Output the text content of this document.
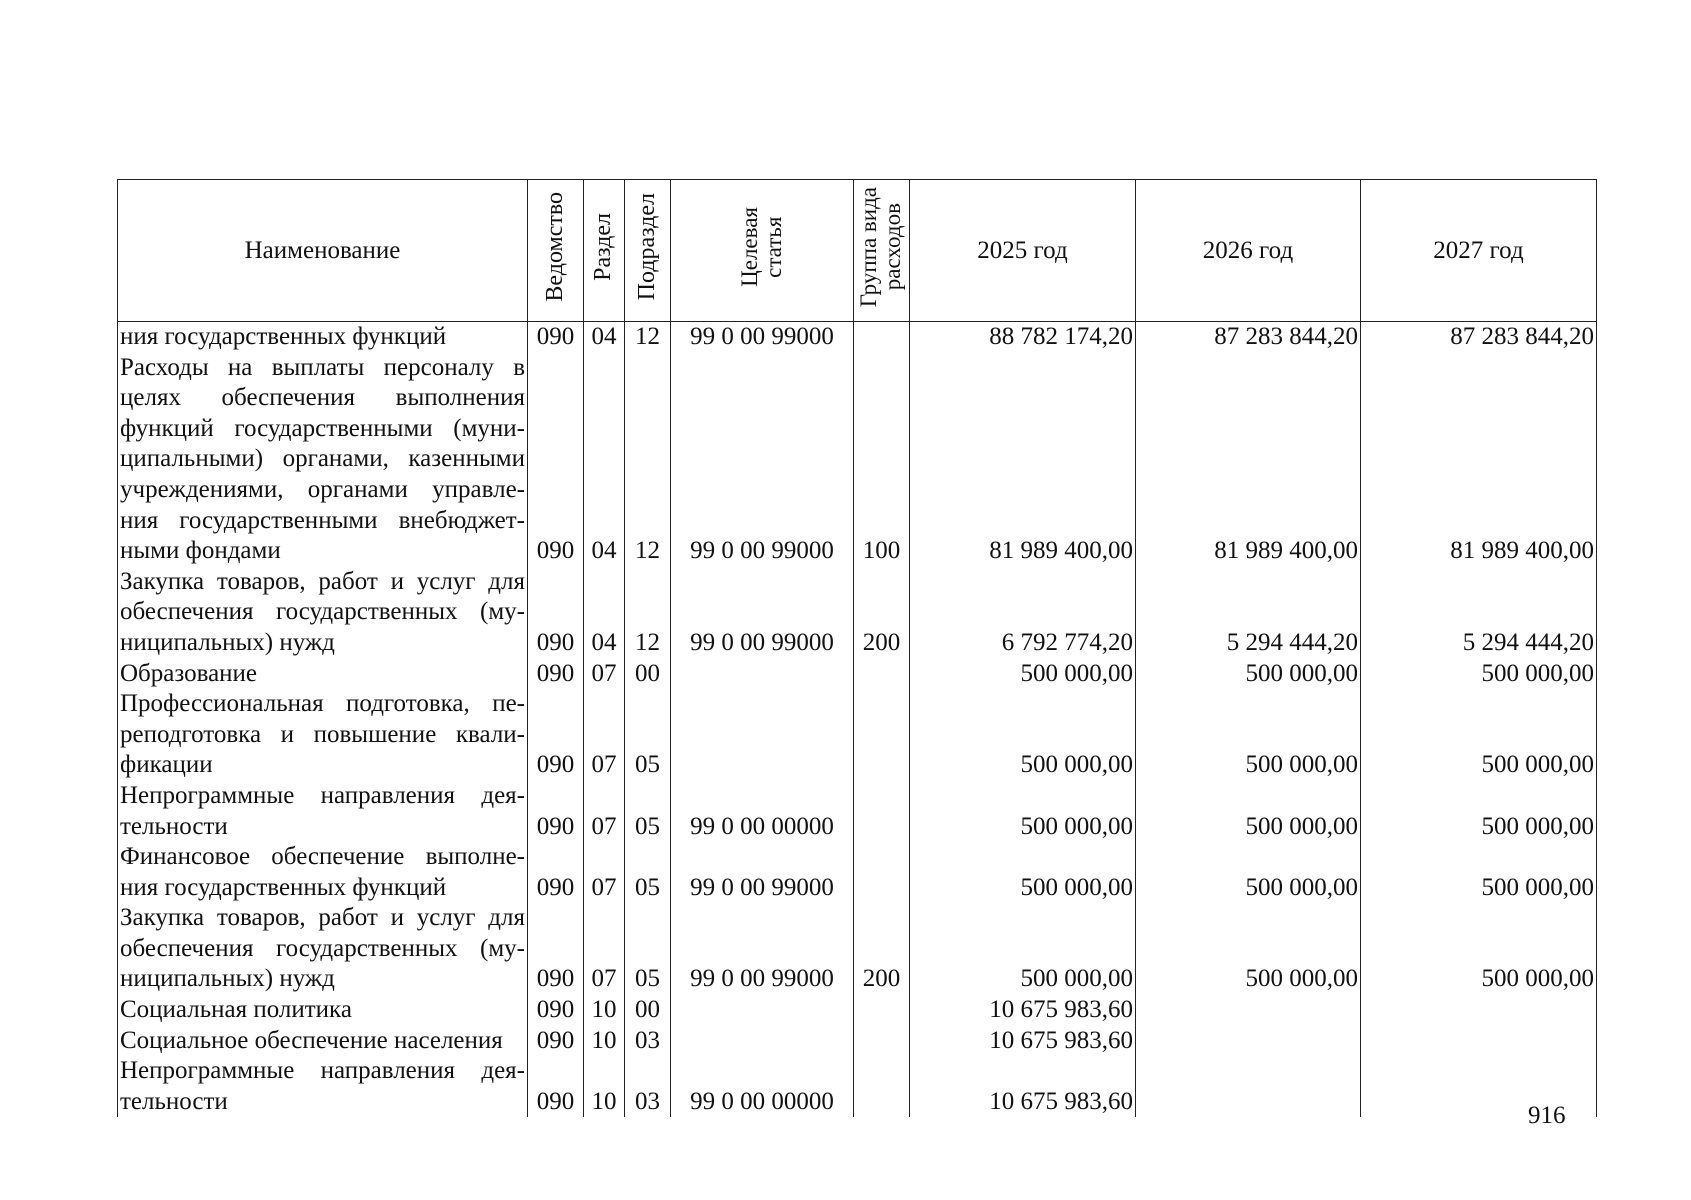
Наименование	Ведомство	Раздел	Подраздел	Целевая
статья	Группа вида
расходов	2025 год	2026 год	2027 год
ния государственных функций	090	04	12	99 0 00 99000		88 782 174,20	87 283 844,20	87 283 844,20
Расходы на выплаты персоналу в целях обеспечения выполнения функций государственными (муни-ципальными) органами, казенными учреждениями, органами управле-ния государственными внебюджет-ными фондами	090	04	12	99 0 00 99000	100	81 989 400,00	81 989 400,00	81 989 400,00
Закупка товаров, работ и услуг для обеспечения государственных (му-ниципальных) нужд	090	04	12	99 0 00 99000	200	6 792 774,20	5 294 444,20	5 294 444,20
Образование	090	07	00			500 000,00	500 000,00	500 000,00
Профессиональная подготовка, пе-реподготовка и повышение квали-фикации	090	07	05			500 000,00	500 000,00	500 000,00
Непрограммные направления дея-тельности	090	07	05	99 0 00 00000		500 000,00	500 000,00	500 000,00
Финансовое обеспечение выполне-ния государственных функций	090	07	05	99 0 00 99000		500 000,00	500 000,00	500 000,00
Закупка товаров, работ и услуг для обеспечения государственных (му-ниципальных) нужд	090	07	05	99 0 00 99000	200	500 000,00	500 000,00	500 000,00
Социальная политика	090	10	00			10 675 983,60		
Социальное обеспечение населения	090	10	03			10 675 983,60		
Непрограммные направления дея-тельности	090	10	03	99 0 00 00000		10 675 983,60		
916
